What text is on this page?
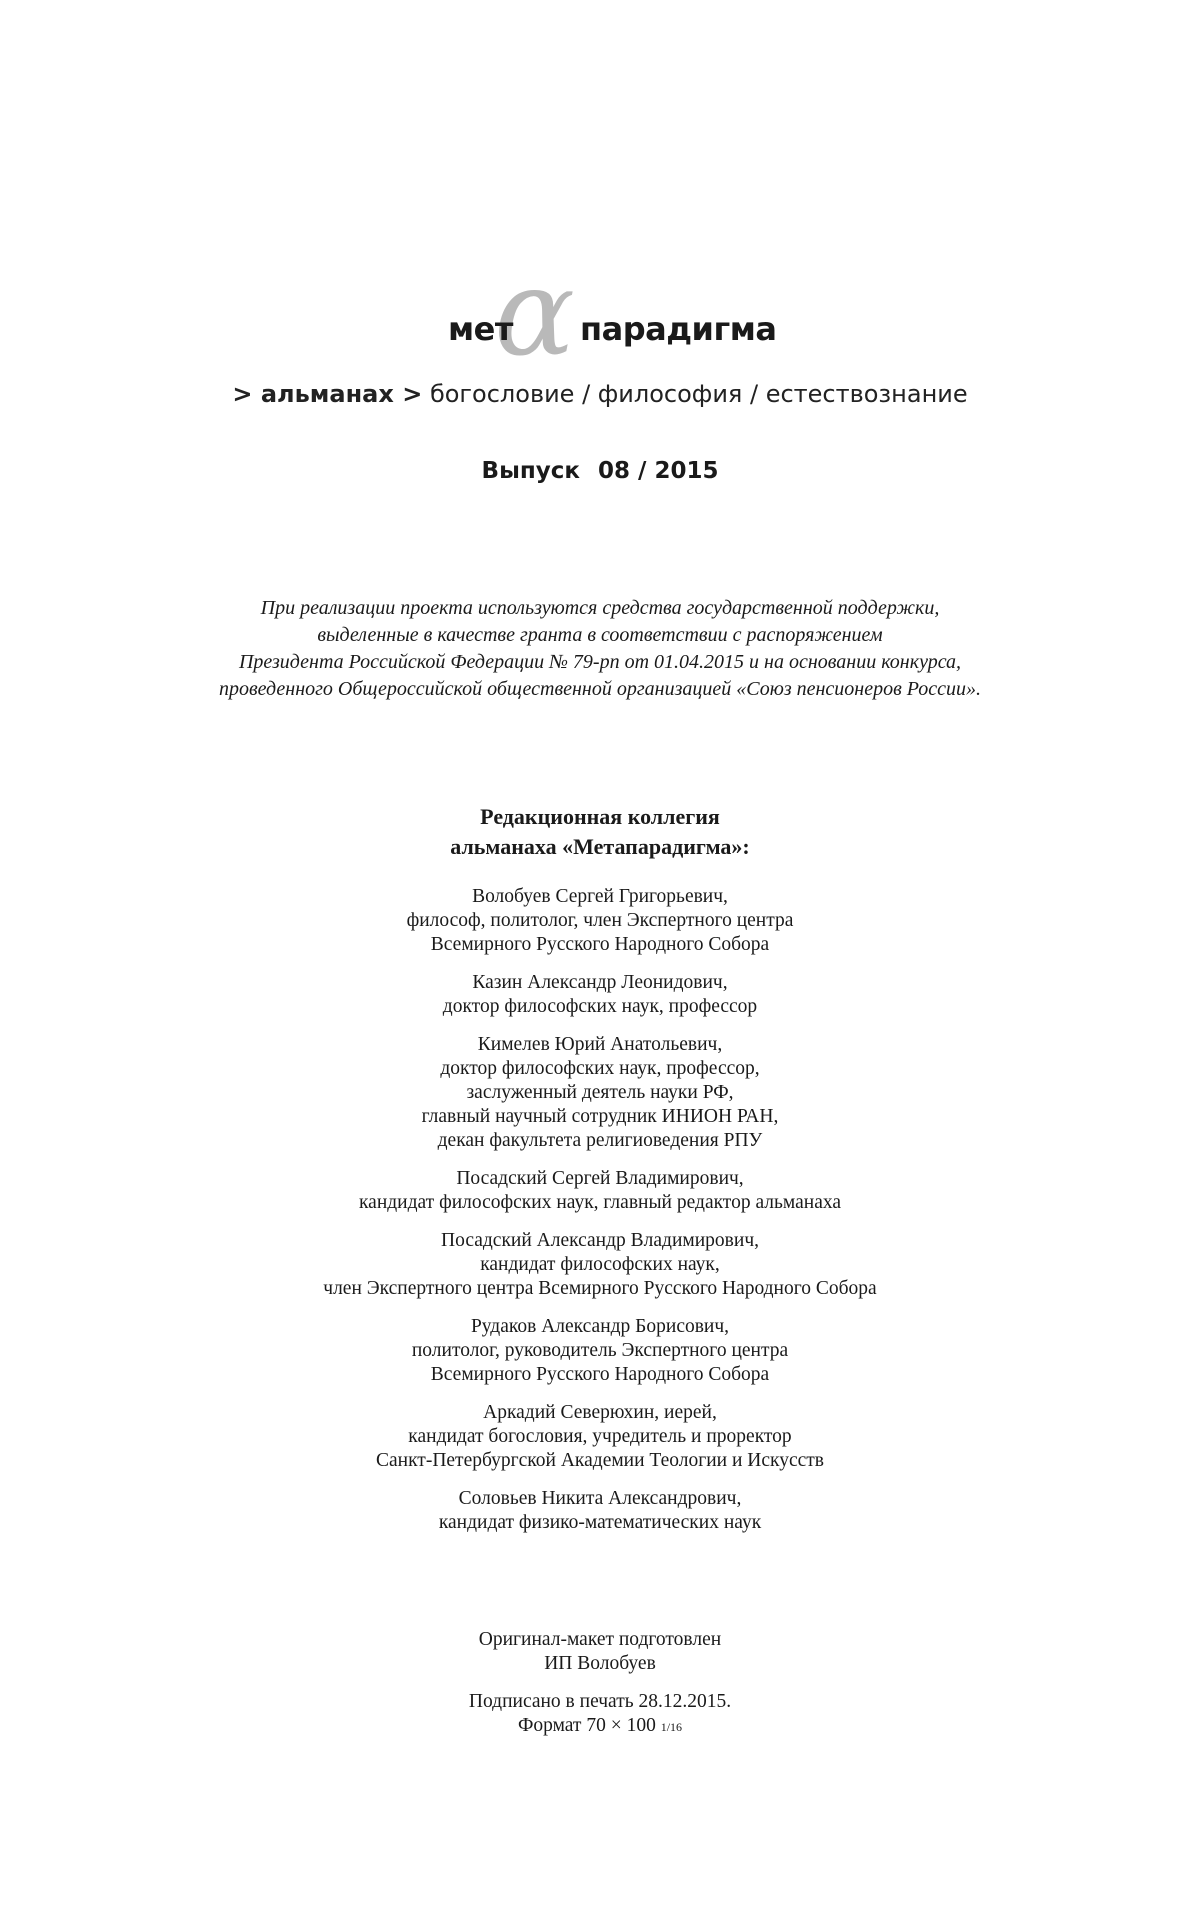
α
мет парадигма
> альманах > богословие / философия / естествознание
Выпуск 08 / 2015
При реализации проекта используются средства государственной поддержки,
выделенные в качестве гранта в соответствии с распоряжением
Президента Российской Федерации № 79-рп от 01.04.2015 и на основании конкурса,
проведенного Общероссийской общественной организацией «Союз пенсионеров России».
Редакционная коллегия
альманаха «Метапарадигма»:
Волобуев Сергей Григорьевич,
философ, политолог, член Экспертного центра
Всемирного Русского Народного Собора
Казин Александр Леонидович,
доктор философских наук, профессор
Кимелев Юрий Анатольевич,
доктор философских наук, профессор,
заслуженный деятель науки РФ,
главный научный сотрудник ИНИОН РАН,
декан факультета религиоведения РПУ
Посадский Сергей Владимирович,
кандидат философских наук, главный редактор альманаха
Посадский Александр Владимирович,
кандидат философских наук,
член Экспертного центра Всемирного Русского Народного Собора
Рудаков Александр Борисович,
политолог, руководитель Экспертного центра
Всемирного Русского Народного Собора
Аркадий Северюхин, иерей,
кандидат богословия, учредитель и проректор
Санкт-Петербургской Академии Теологии и Искусств
Соловьев Никита Александрович,
кандидат физико-математических наук
Оригинал-макет подготовлен
ИП Волобуев
Подписано в печать 28.12.2015.
Формат 70 × 100 1/16
